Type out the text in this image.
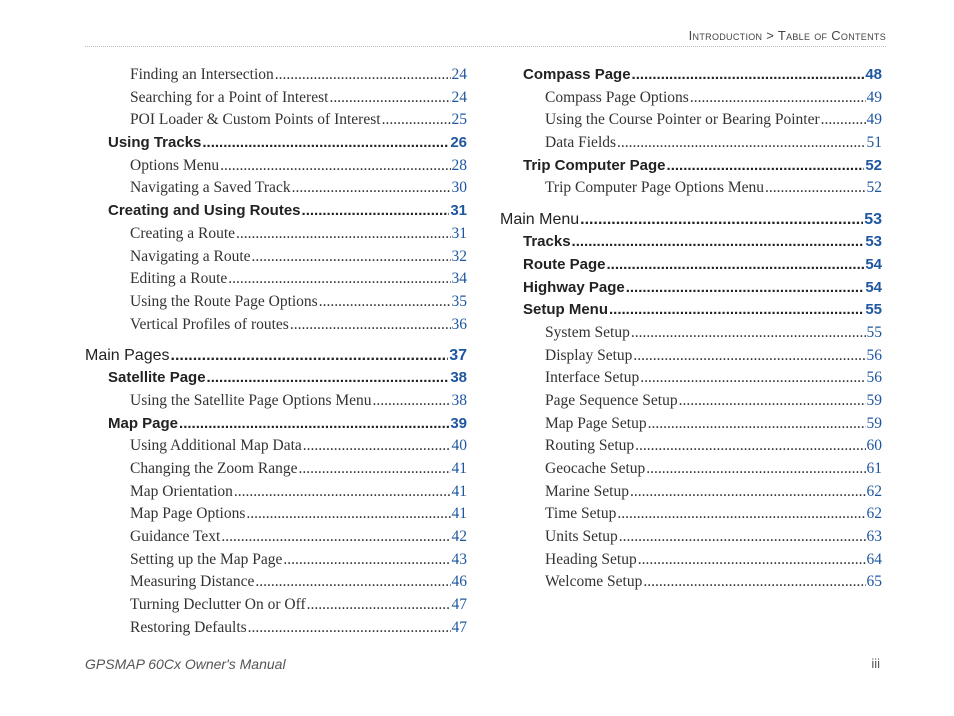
Introduction > Table of Contents
Finding an Intersection .....	24
Searching for a Point of Interest .....	24
POI Loader & Custom Points of Interest .....	25
Using Tracks .....	26
Options Menu .....	28
Navigating a Saved Track .....	30
Creating and Using Routes .....	31
Creating a Route .....	31
Navigating a Route .....	32
Editing a Route .....	34
Using the Route Page Options .....	35
Vertical Profiles of routes .....	36
Main Pages .....	37
Satellite Page .....	38
Using the Satellite Page Options Menu .....	38
Map Page .....	39
Using Additional Map Data .....	40
Changing the Zoom Range .....	41
Map Orientation .....	41
Map Page Options .....	41
Guidance Text .....	42
Setting up the Map Page .....	43
Measuring Distance .....	46
Turning Declutter On or Off .....	47
Restoring Defaults .....	47
Compass Page .....	48
Compass Page Options .....	49
Using the Course Pointer or Bearing Pointer .....	49
Data Fields .....	51
Trip Computer Page .....	52
Trip Computer Page Options Menu .....	52
Main Menu .....	53
Tracks .....	53
Route Page .....	54
Highway Page .....	54
Setup Menu .....	55
System Setup .....	55
Display Setup .....	56
Interface Setup .....	56
Page Sequence Setup .....	59
Map Page Setup .....	59
Routing Setup .....	60
Geocache Setup .....	61
Marine Setup .....	62
Time Setup .....	62
Units Setup .....	63
Heading Setup .....	64
Welcome Setup .....	65
GPSMAP 60Cx Owner's Manual	iii
